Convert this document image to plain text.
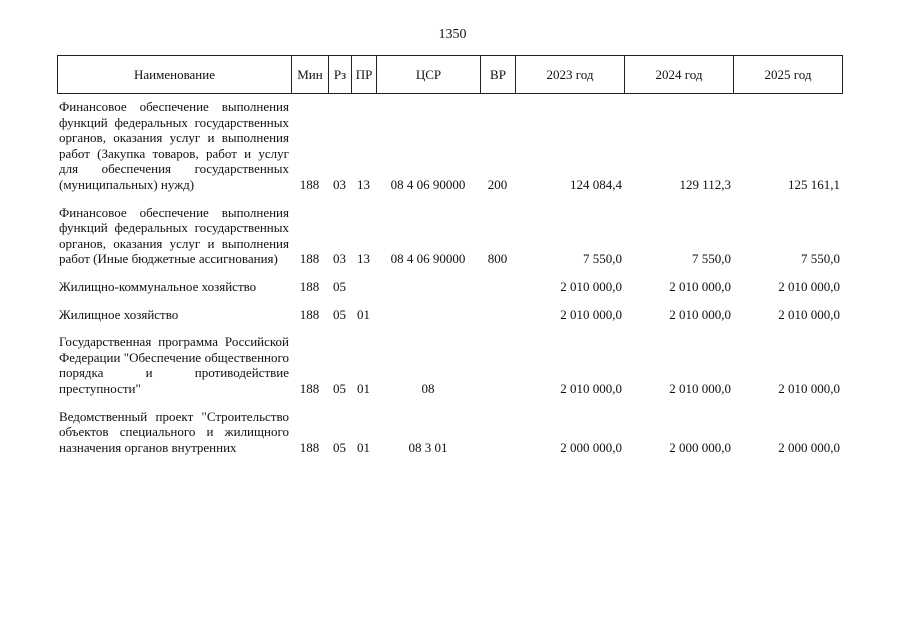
1350
Наименование	Мин	Рз	ПР	ЦСР	ВР	2023 год	2024 год	2025 год
Финансовое обеспечение выполнения функций федеральных государственных органов, оказания услуг и выполнения работ (Закупка товаров, работ и услуг для обеспечения государственных (муниципальных) нужд)	188	03	13	08 4 06 90000	200	124 084,4	129 112,3	125 161,1
Финансовое обеспечение выполнения функций федеральных государственных органов, оказания услуг и выполнения работ (Иные бюджетные ассигнования)	188	03	13	08 4 06 90000	800	7 550,0	7 550,0	7 550,0
Жилищно-коммунальное хозяйство	188	05				2 010 000,0	2 010 000,0	2 010 000,0
Жилищное хозяйство	188	05	01			2 010 000,0	2 010 000,0	2 010 000,0
Государственная программа Российской Федерации "Обеспечение общественного порядка и противодействие преступности"	188	05	01	08		2 010 000,0	2 010 000,0	2 010 000,0
Ведомственный проект "Строительство объектов специального и жилищного назначения органов внутренних	188	05	01	08 3 01		2 000 000,0	2 000 000,0	2 000 000,0
